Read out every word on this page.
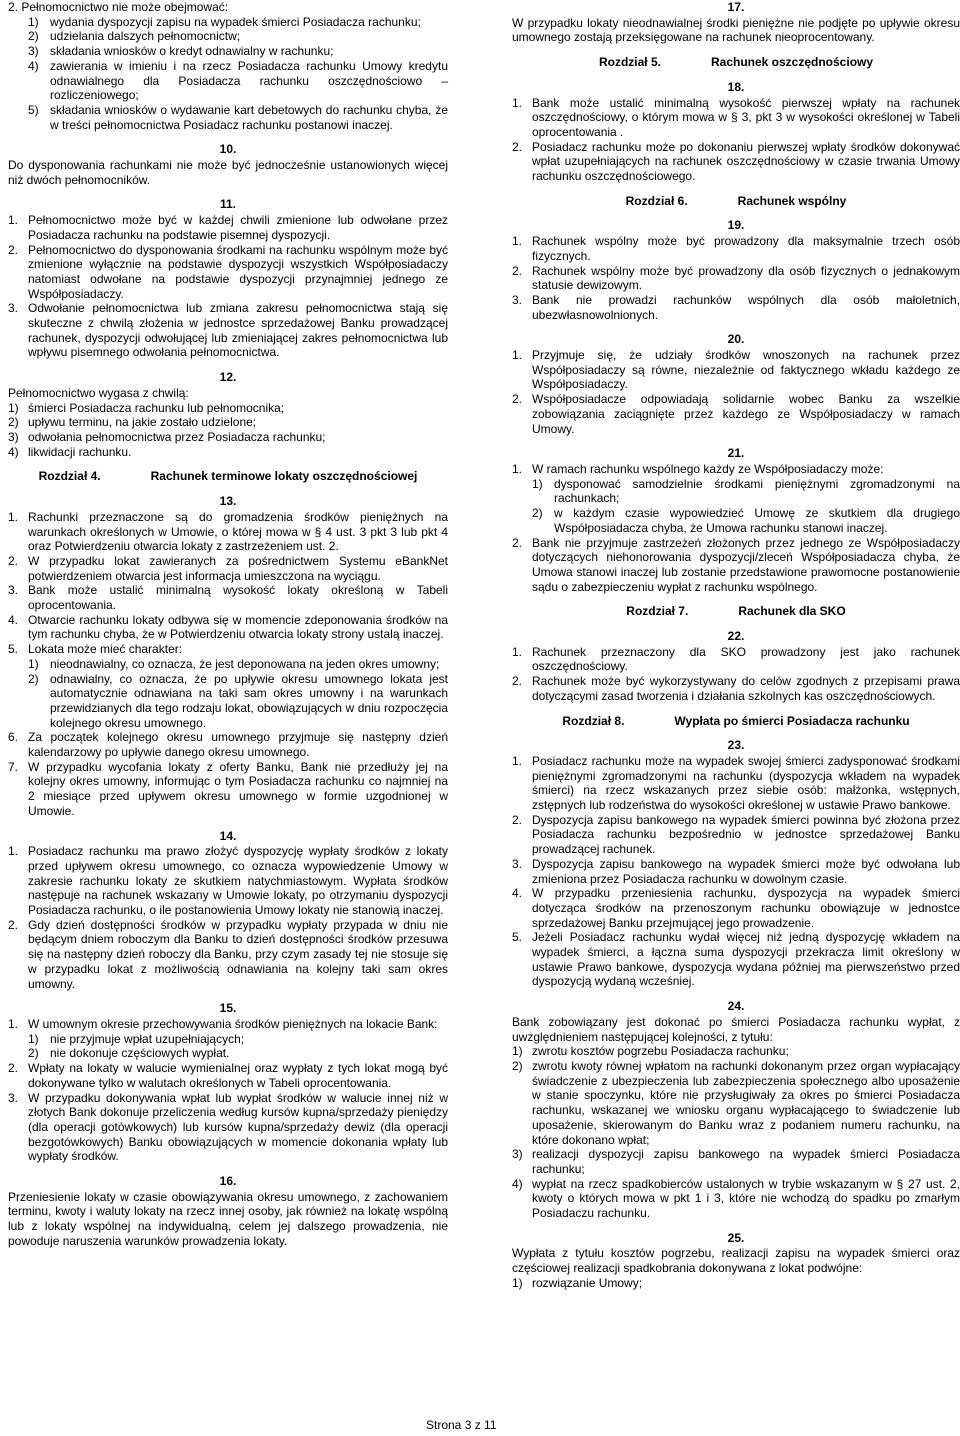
2. Pełnomocnictwo nie może obejmować:

1) wydania dyspozycji zapisu na wypadek śmierci Posiadacza rachunku;
2) udzielania dalszych pełnomocnictw;
3) składania wniosków o kredyt odnawialny w rachunku;
4) zawierania w imieniu i na rzecz Posiadacza rachunku Umowy kredytu odnawialnego dla Posiadacza rachunku oszczędnościowo –rozliczeniowego;
5) składania wniosków o wydawanie kart debetowych do rachunku chyba, że w treści pełnomocnictwa Posiadacz rachunku postanowi inaczej.
10.

Do dysponowania rachunkami nie może być jednocześnie ustanowionych więcej niż dwóch pełnomocników.

11.
1. Pełnomocnictwo może być w każdej chwili zmienione lub odwołane przez Posiadacza rachunku na podstawie pisemnej dyspozycji.
2. Pełnomocnictwo do dysponowania środkami na rachunku wspólnym może być zmienione wyłącznie na podstawie dyspozycji wszystkich Współposiadaczy natomiast odwołane na podstawie dyspozycji przynajmniej jednego ze Współposiadaczy.
3. Odwołanie pełnomocnictwa lub zmiana zakresu pełnomocnictwa stają się skuteczne z chwilą złożenia w jednostce sprzedażowej Banku prowadzącej rachunek, dyspozycji odwołującej lub zmieniającej zakres pełnomocnictwa lub wpływu pisemnego odwołania pełnomocnictwa.
12.

Pełnomocnictwo wygasa z chwilą:

1) śmierci Posiadacza rachunku lub pełnomocnika;
2) upływu terminu, na jakie zostało udzielone;
3) odwołania pełnomocnictwa przez Posiadacza rachunku;
4) likwidacji rachunku.
Rozdział 4.	Rachunek terminowe lokaty oszczędnościowej
13.
1. Rachunki przeznaczone są do gromadzenia środków pieniężnych na warunkach określonych w Umowie, o której mowa w § 4 ust. 3 pkt 3 lub pkt 4 oraz Potwierdzeniu otwarcia lokaty z zastrzeżeniem ust. 2.
2. W przypadku lokat zawieranych za pośrednictwem Systemu eBankNet potwierdzeniem otwarcia jest informacja umieszczona na wyciągu.
3. Bank może ustalić minimalną wysokość lokaty określoną w Tabeli oprocentowania.
4. Otwarcie rachunku lokaty odbywa się w momencie zdeponowania środków na tym rachunku chyba, że w Potwierdzeniu otwarcia lokaty strony ustalą inaczej.
5. Lokata może mieć charakter:
1) nieodnawialny, co oznacza, że jest deponowana na jeden okres umowny;
2) odnawialny, co oznacza, że po upływie okresu umownego lokata jest automatycznie odnawiana na taki sam okres umowny i na warunkach przewidzianych dla tego rodzaju lokat, obowiązujących w dniu rozpoczęcia kolejnego okresu umownego.
6. Za początek kolejnego okresu umownego przyjmuje się następny dzień kalendarzowy po upływie danego okresu umownego.
7. W przypadku wycofania lokaty z oferty Banku, Bank nie przedłuży jej na kolejny okres umowny, informując o tym Posiadacza rachunku co najmniej na 2 miesiące przed upływem okresu umownego w formie uzgodnionej w Umowie.
14.
1. Posiadacz rachunku ma prawo złożyć dyspozycję wypłaty środków z lokaty przed upływem okresu umownego, co oznacza wypowiedzenie Umowy w zakresie rachunku lokaty ze skutkiem natychmiastowym. Wypłata środków następuje na rachunek wskazany w Umowie lokaty, po otrzymaniu dyspozycji Posiadacza rachunku, o ile postanowienia Umowy lokaty nie stanowią inaczej.
2. Gdy dzień dostępności środków w przypadku wypłaty przypada w dniu nie będącym dniem roboczym dla Banku to dzień dostępności środków przesuwa się na następny dzień roboczy dla Banku, przy czym zasady tej nie stosuje się w przypadku lokat z możliwością odnawiania na kolejny taki sam okres umowny.
15.
1. W umownym okresie przechowywania środków pieniężnych na lokacie Bank:
1) nie przyjmuje wpłat uzupełniających;
2) nie dokonuje częściowych wypłat.
2. Wpłaty na lokaty w walucie wymienialnej oraz wypłaty z tych lokat mogą być dokonywane tylko w walutach określonych w Tabeli oprocentowania.
3. W przypadku dokonywania wpłat lub wypłat środków w walucie innej niż w złotych Bank dokonuje przeliczenia według kursów kupna/sprzedaży pieniędzy (dla operacji gotówkowych) lub kursów kupna/sprzedaży dewiz (dla operacji bezgotówkowych) Banku obowiązujących w momencie dokonania wpłaty lub wypłaty środków.
16.

Przeniesienie lokaty w czasie obowiązywania okresu umownego, z zachowaniem terminu, kwoty i waluty lokaty na rzecz innej osoby, jak również na lokatę wspólną lub z lokaty wspólnej na indywidualną, celem jej dalszego prowadzenia, nie powoduje naruszenia warunków prowadzenia lokaty.

17.

W przypadku lokaty nieodnawialnej środki pieniężne nie podjęte po upływie okresu umownego zostają przeksięgowane na rachunek nieoprocentowany.

Rozdział 5.	Rachunek oszczędnościowy
18.
1. Bank może ustalić minimalną wysokość pierwszej wpłaty na rachunek oszczędnościowy, o którym mowa w § 3, pkt 3 w wysokości określonej w Tabeli oprocentowania .
2. Posiadacz rachunku może po dokonaniu pierwszej wpłaty środków dokonywać wpłat uzupełniających na rachunek oszczędnościowy w czasie trwania Umowy rachunku oszczędnościowego.
Rozdział 6.	Rachunek wspólny
19.
1. Rachunek wspólny może być prowadzony dla maksymalnie trzech osób fizycznych.
2. Rachunek wspólny może być prowadzony dla osób fizycznych o jednakowym statusie dewizowym.
3. Bank nie prowadzi rachunków wspólnych dla osób małoletnich, ubezwłasnowolnionych.
20.
1. Przyjmuje się, że udziały środków wnoszonych na rachunek przez Współposiadaczy są równe, niezależnie od faktycznego wkładu każdego ze Współposiadaczy.
2. Współposiadacze odpowiadają solidarnie wobec Banku za wszelkie zobowiązania zaciągnięte przez każdego ze Współposiadaczy w ramach Umowy.
21.
1. W ramach rachunku wspólnego każdy ze Współposiadaczy może:
1) dysponować samodzielnie środkami pieniężnymi zgromadzonymi na rachunkach;
2) w każdym czasie wypowiedzieć Umowę ze skutkiem dla drugiego Współposiadacza chyba, że Umowa rachunku stanowi inaczej.
2. Bank nie przyjmuje zastrzeżeń złożonych przez jednego ze Współposiadaczy dotyczących niehonorowania dyspozycji/zleceń Współposiadacza chyba, że Umowa stanowi inaczej lub zostanie przedstawione prawomocne postanowienie sądu o zabezpieczeniu wypłat z rachunku wspólnego.
Rozdział 7.	Rachunek dla SKO
22.
1. Rachunek przeznaczony dla SKO prowadzony jest jako rachunek oszczędnościowy.
2. Rachunek może być wykorzystywany do celów zgodnych z przepisami prawa dotyczącymi zasad tworzenia i działania szkolnych kas oszczędnościowych.
Rozdział 8.	Wypłata po śmierci Posiadacza rachunku
23.
1. Posiadacz rachunku może na wypadek swojej śmierci zadysponować środkami pieniężnymi zgromadzonymi na rachunku (dyspozycja wkładem na wypadek śmierci) na rzecz wskazanych przez siebie osób: małżonka, wstępnych, zstępnych lub rodzeństwa do wysokości określonej w ustawie Prawo bankowe.
2. Dyspozycja zapisu bankowego na wypadek śmierci powinna być złożona przez Posiadacza rachunku bezpośrednio w jednostce sprzedażowej Banku prowadzącej rachunek.
3. Dyspozycja zapisu bankowego na wypadek śmierci może być odwołana lub zmieniona przez Posiadacza rachunku w dowolnym czasie.
4. W przypadku przeniesienia rachunku, dyspozycja na wypadek śmierci dotycząca środków na przenoszonym rachunku obowiązuje w jednostce sprzedażowej Banku przejmującej jego prowadzenie.
5. Jeżeli Posiadacz rachunku wydał więcej niż jedną dyspozycję wkładem na wypadek śmierci, a łączna suma dyspozycji przekracza limit określony w ustawie Prawo bankowe, dyspozycja wydana później ma pierwszeństwo przed dyspozycją wydaną wcześniej.
24.

Bank zobowiązany jest dokonać po śmierci Posiadacza rachunku wypłat, z uwzględnieniem następującej kolejności, z tytułu:

1) zwrotu kosztów pogrzebu Posiadacza rachunku;
2) zwrotu kwoty równej wpłatom na rachunki dokonanym przez organ wypłacający świadczenie z ubezpieczenia lub zabezpieczenia społecznego albo uposażenie w stanie spoczynku, które nie przysługiwały za okres po śmierci Posiadacza rachunku, wskazanej we wniosku organu wypłacającego to świadczenie lub uposażenie, skierowanym do Banku wraz z podaniem numeru rachunku, na które dokonano wpłat;
3) realizacji dyspozycji zapisu bankowego na wypadek śmierci Posiadacza rachunku;
4) wypłat na rzecz spadkobierców ustalonych w trybie wskazanym w § 27 ust. 2, kwoty o których mowa w pkt 1 i 3, które nie wchodzą do spadku po zmarłym Posiadaczu rachunku.
25.

Wypłata z tytułu kosztów pogrzebu, realizacji zapisu na wypadek śmierci oraz częściowej realizacji spadkobrania dokonywana z lokat podwójne:

1) rozwiązanie Umowy;
Strona 3 z 11
